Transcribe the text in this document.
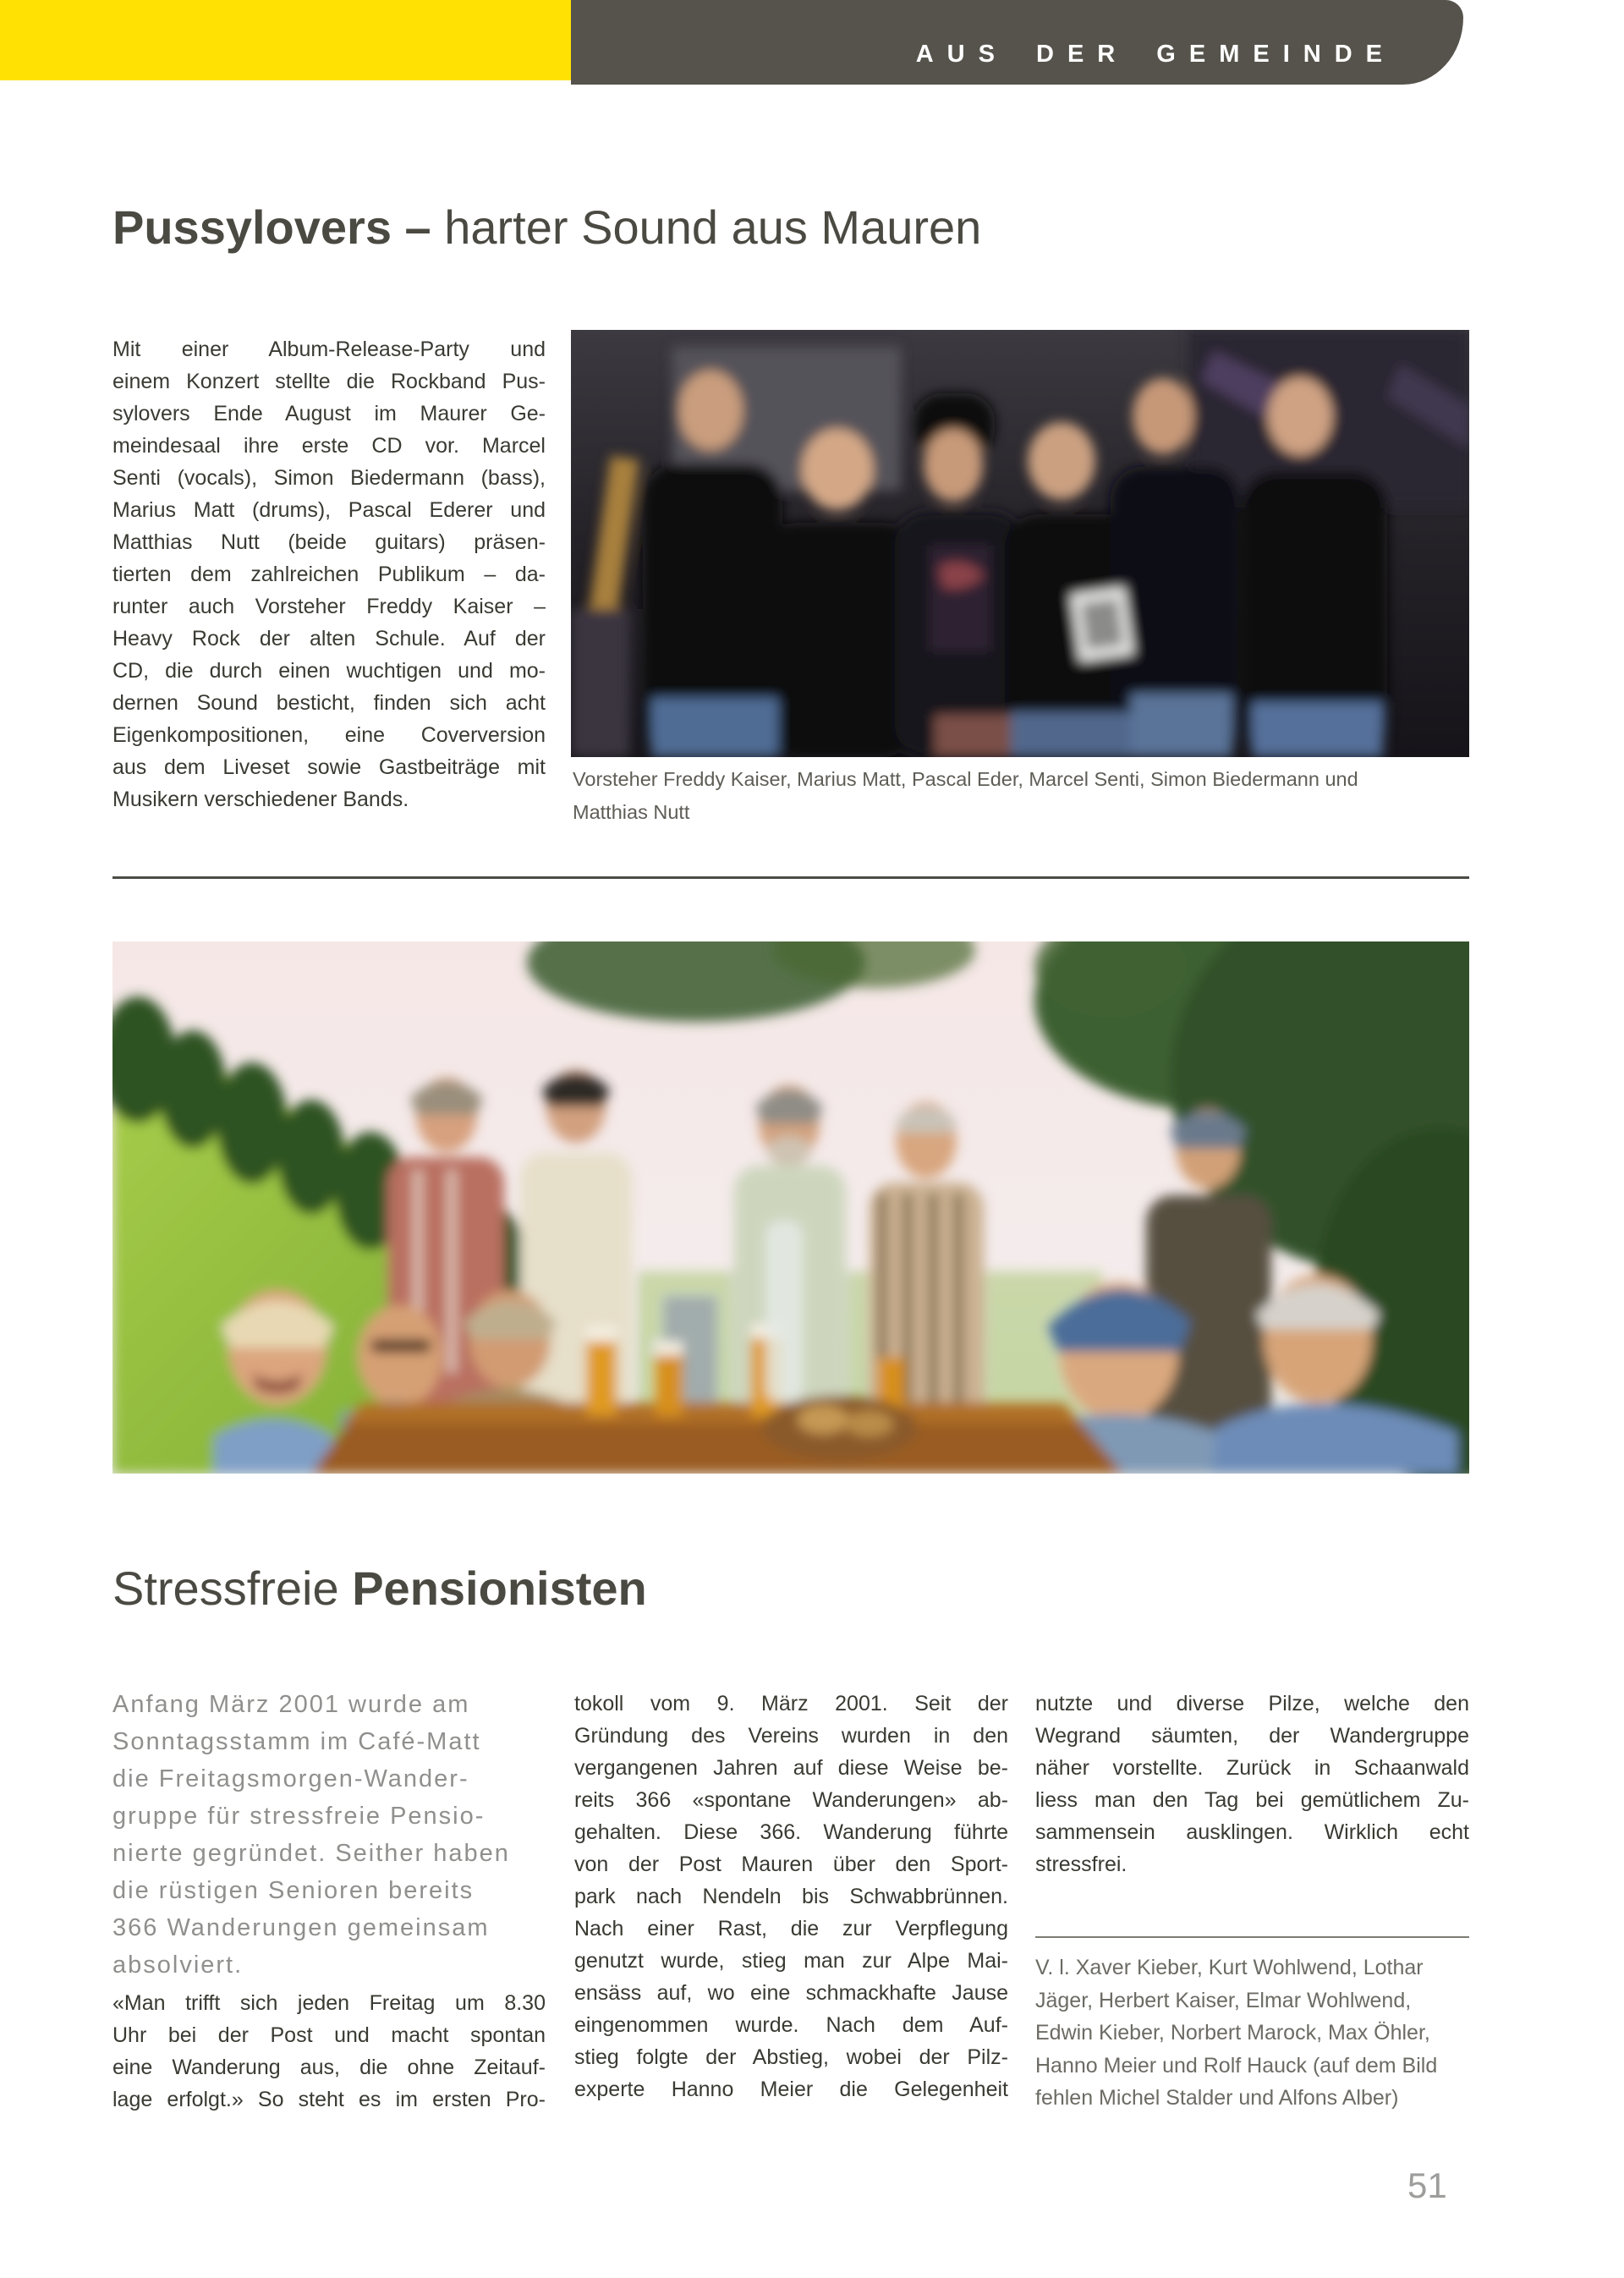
AUS DER GEMEINDE
Pussylovers – harter Sound aus Mauren
Mit einer Album-Release-Party und
einem Konzert stellte die Rockband Pus-
sylovers Ende August im Maurer Ge-
meindesaal ihre erste CD vor. Marcel
Senti (vocals), Simon Biedermann (bass),
Marius Matt (drums), Pascal Ederer und
Matthias Nutt (beide guitars) präsen-
tierten dem zahlreichen Publikum – da-
runter auch Vorsteher Freddy Kaiser –
Heavy Rock der alten Schule. Auf der
CD, die durch einen wuchtigen und mo-
dernen Sound besticht, finden sich acht
Eigenkompositionen, eine Coverversion
aus dem Liveset sowie Gastbeiträge mit
Musikern verschiedener Bands.
Vorsteher Freddy Kaiser, Marius Matt, Pascal Eder, Marcel Senti, Simon Biedermann und
Matthias Nutt
Stressfreie Pensionisten
Anfang März 2001 wurde am
Sonntagsstamm im Café-Matt
die Freitagsmorgen-Wander-
gruppe für stressfreie Pensio-
nierte gegründet. Seither haben
die rüstigen Senioren bereits
366 Wanderungen gemeinsam
absolviert.
«Man trifft sich jeden Freitag um 8.30
Uhr bei der Post und macht spontan
eine Wanderung aus, die ohne Zeitauf-
lage erfolgt.» So steht es im ersten Pro-
tokoll vom 9. März 2001. Seit der
Gründung des Vereins wurden in den
vergangenen Jahren auf diese Weise be-
reits 366 «spontane Wanderungen» ab-
gehalten. Diese 366. Wanderung führte
von der Post Mauren über den Sport-
park nach Nendeln bis Schwabbrünnen.
Nach einer Rast, die zur Verpflegung
genutzt wurde, stieg man zur Alpe Mai-
ensäss auf, wo eine schmackhafte Jause
eingenommen wurde. Nach dem Auf-
stieg folgte der Abstieg, wobei der Pilz-
experte Hanno Meier die Gelegenheit
nutzte und diverse Pilze, welche den
Wegrand säumten, der Wandergruppe
näher vorstellte. Zurück in Schaanwald
liess man den Tag bei gemütlichem Zu-
sammensein ausklingen. Wirklich echt
stressfrei.
V. l. Xaver Kieber, Kurt Wohlwend, Lothar
Jäger, Herbert Kaiser, Elmar Wohlwend,
Edwin Kieber, Norbert Marock, Max Öhler,
Hanno Meier und Rolf Hauck (auf dem Bild
fehlen Michel Stalder und Alfons Alber)
51
